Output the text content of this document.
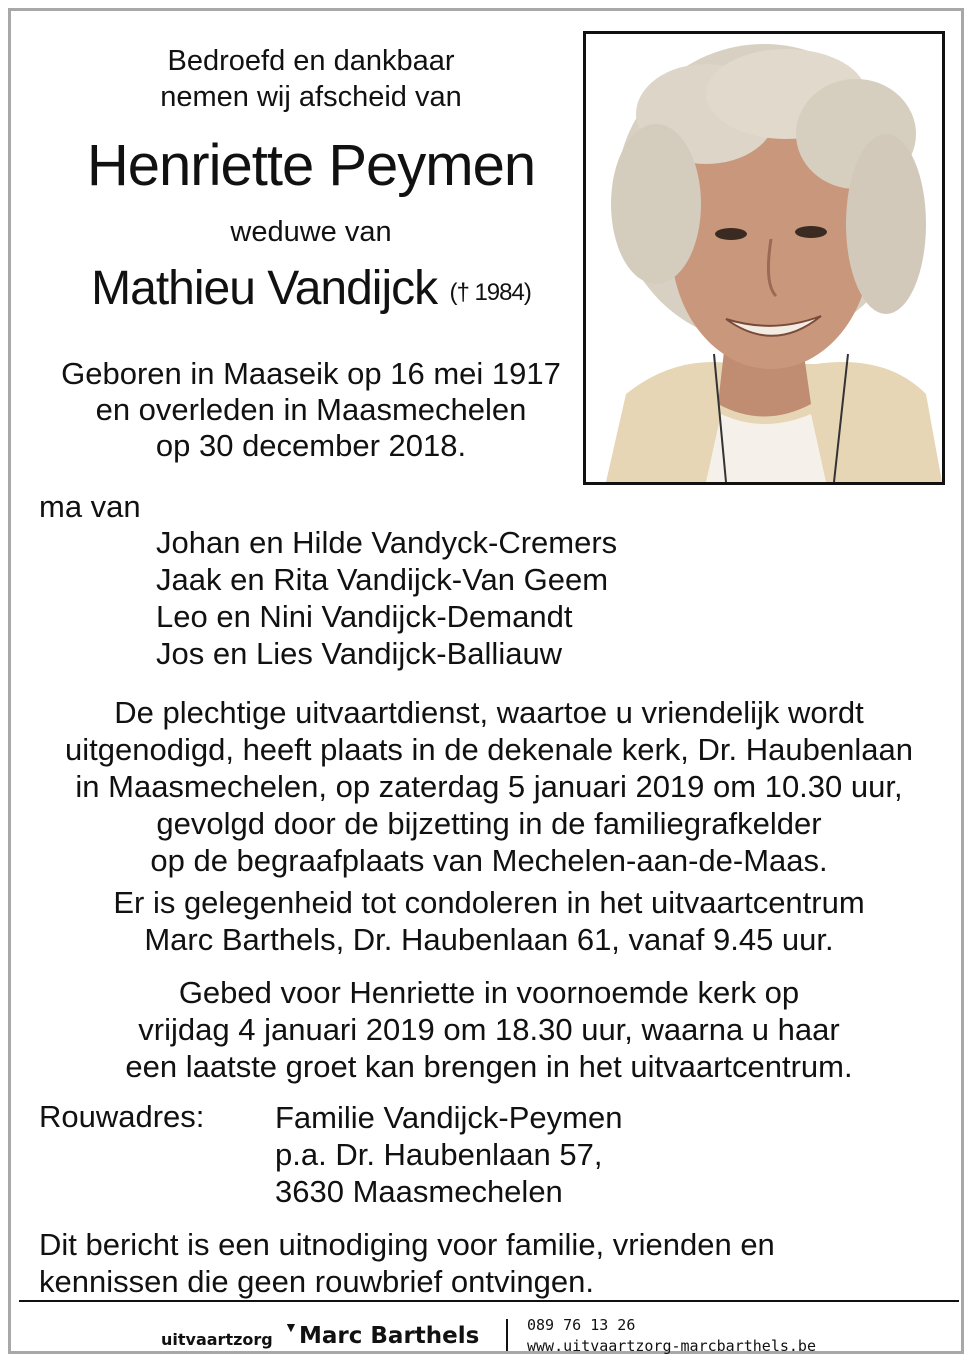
Bedroefd en dankbaar
nemen wij afscheid van
Henriette Peymen
weduwe van
Mathieu Vandijck († 1984)
Geboren in Maaseik op 16 mei 1917
en overleden in Maasmechelen
op 30 december 2018.
ma van
Johan en Hilde Vandyck-Cremers
Jaak en Rita Vandijck-Van Geem
Leo en Nini Vandijck-Demandt
Jos en Lies Vandijck-Balliauw
De plechtige uitvaartdienst, waartoe u vriendelijk wordt
uitgenodigd, heeft plaats in de dekenale kerk, Dr. Haubenlaan
in Maasmechelen, op zaterdag 5 januari 2019 om 10.30 uur,
gevolgd door de bijzetting in de familiegrafkelder
op de begraafplaats van Mechelen-aan-de-Maas.
Er is gelegenheid tot condoleren in het uitvaartcentrum
Marc Barthels, Dr. Haubenlaan 61, vanaf 9.45 uur.
Gebed voor Henriette in voornoemde kerk op
vrijdag 4 januari 2019 om 18.30 uur, waarna u haar
een laatste groet kan brengen in het uitvaartcentrum.
Rouwadres: Familie Vandijck-Peymen
p.a. Dr. Haubenlaan 57,
3630 Maasmechelen
Dit bericht is een uitnodiging voor familie, vrienden en
kennissen die geen rouwbrief ontvingen.
uitvaartzorg
▼ Marc Barthels	089 76 13 26
www.uitvaartzorg-marcbarthels.be
